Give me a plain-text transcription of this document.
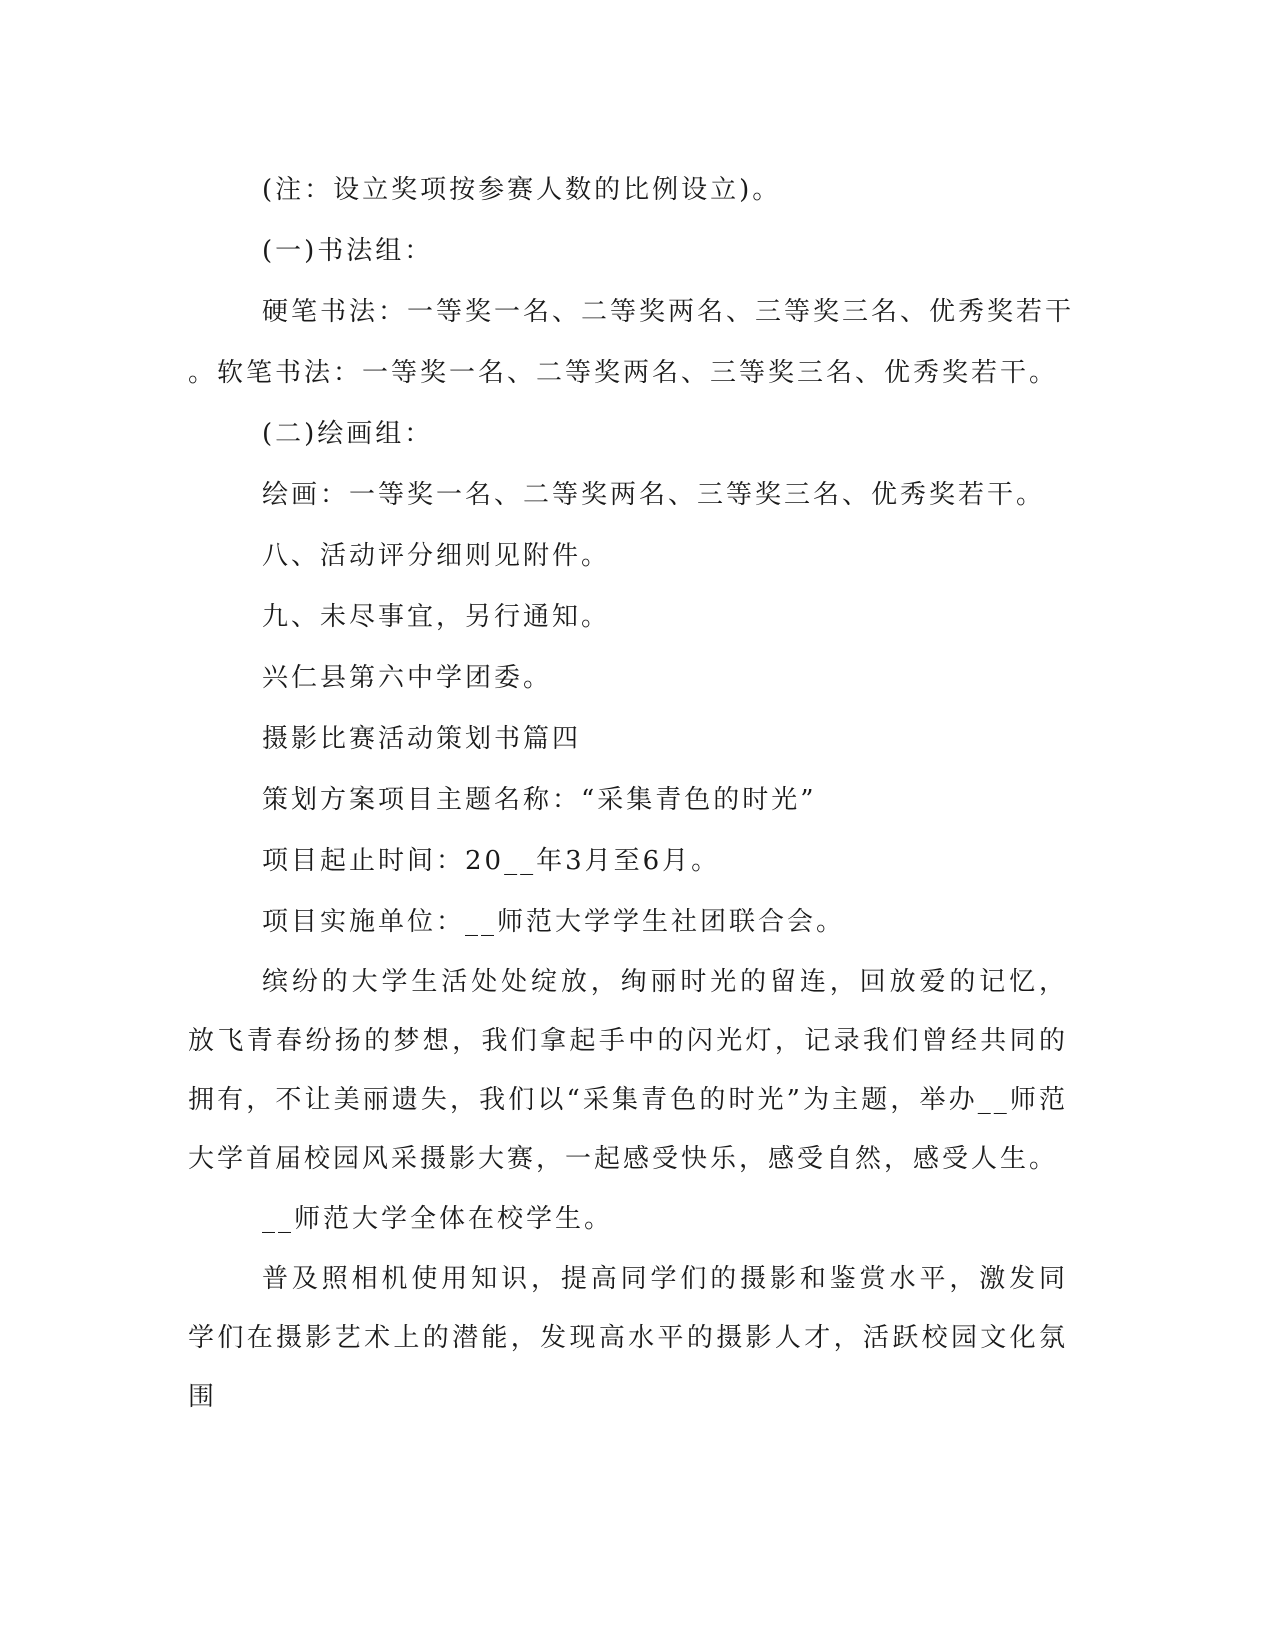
(注：设立奖项按参赛人数的比例设立)。

(一)书法组：

硬笔书法：一等奖一名、二等奖两名、三等奖三名、优秀奖若干

。软笔书法：一等奖一名、二等奖两名、三等奖三名、优秀奖若干。

(二)绘画组：

绘画：一等奖一名、二等奖两名、三等奖三名、优秀奖若干。

八、活动评分细则见附件。

九、未尽事宜，另行通知。

兴仁县第六中学团委。

摄影比赛活动策划书篇四

策划方案项目主题名称：“采集青色的时光”

项目起止时间：20__年3月至6月。

项目实施单位：__师范大学学生社团联合会。

缤纷的大学生活处处绽放，绚丽时光的留连，回放爱的记忆，放飞青春纷扬的梦想，我们拿起手中的闪光灯，记录我们曾经共同的拥有，不让美丽遗失，我们以“采集青色的时光”为主题，举办__师范大学首届校园风采摄影大赛，一起感受快乐，感受自然，感受人生。

__师范大学全体在校学生。

普及照相机使用知识，提高同学们的摄影和鉴赏水平，激发同学们在摄影艺术上的潜能，发现高水平的摄影人才，活跃校园文化氛围
